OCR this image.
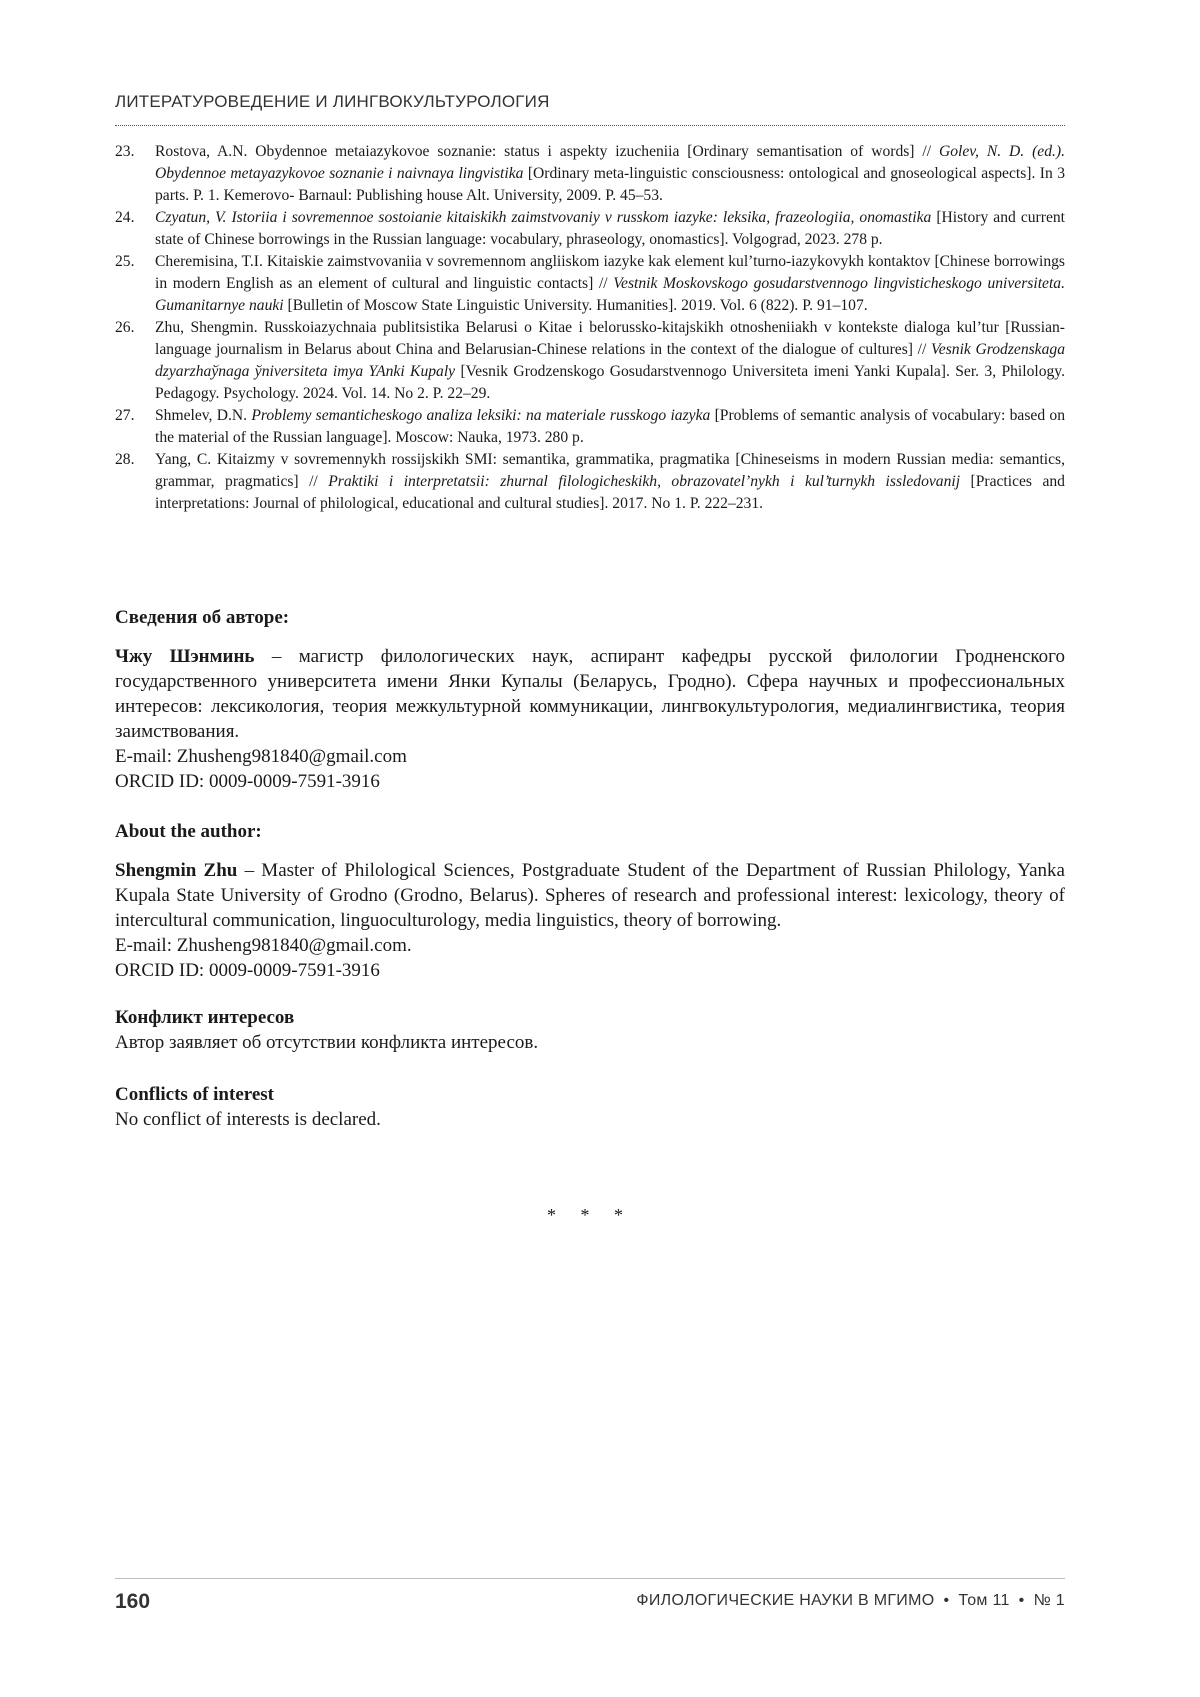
ЛИТЕРАТУРОВЕДЕНИЕ И ЛИНГВОКУЛЬТУРОЛОГИЯ
23.	Rostova, A.N. Obydennoe metaiazykovoe soznanie: status i aspekty izucheniia [Ordinary semantisation of words] // Golev, N. D. (ed.). Obydennoe metayazykovoe soznanie i naivnaya lingvistika [Ordinary meta-linguistic consciousness: ontological and gnoseological aspects]. In 3 parts. P. 1. Kemerovo- Barnaul: Publishing house Alt. University, 2009. P. 45–53.
24.	Czyatun, V. Istoriia i sovremennoe sostoianie kitaiskikh zaimstvovaniy v russkom iazyke: leksika, frazeologiia, onomastika [History and current state of Chinese borrowings in the Russian language: vocabulary, phraseology, onomastics]. Volgograd, 2023. 278 p.
25.	Cheremisina, T.I. Kitaiskie zaimstvovaniia v sovremennom angliiskom iazyke kak element kul’turno-iazykovykh kontaktov [Chinese borrowings in modern English as an element of cultural and linguistic contacts] // Vestnik Moskovskogo gosudarstvennogo lingvisticheskogo universiteta. Gumanitarnye nauki [Bulletin of Moscow State Linguistic University. Humanities]. 2019. Vol. 6 (822). P. 91–107.
26.	Zhu, Shengmin. Russkoiazychnaia publitsistika Belarusi o Kitae i belorussko-kitajskikh otnosheniiakh v kontekste dialoga kul’tur [Russian-language journalism in Belarus about China and Belarusian-Chinese relations in the context of the dialogue of cultures] // Vesnik Grodzenskaga dzyarzhaўnaga ўniversiteta imya YAnki Kupaly [Vesnik Grodzenskogo Gosudarstvennogo Universiteta imeni Yanki Kupala]. Ser. 3, Philology. Pedagogy. Psychology. 2024. Vol. 14. No 2. P. 22–29.
27.	Shmelev, D.N. Problemy semanticheskogo analiza leksiki: na materiale russkogo iazyka [Problems of semantic analysis of vocabulary: based on the material of the Russian language]. Moscow: Nauka, 1973. 280 p.
28.	Yang, C. Kitaizmy v sovremennykh rossijskikh SMI: semantika, grammatika, pragmatika [Chineseisms in modern Russian media: semantics, grammar, pragmatics] // Praktiki i interpretatsii: zhurnal filologicheskikh, obrazovatel’nykh i kul’turnykh issledovanij [Practices and interpretations: Journal of philological, educational and cultural studies]. 2017. No 1. P. 222–231.
Сведения об авторе:

Чжу Шэнминь – магистр филологических наук, аспирант кафедры русской филологии Гродненского государственного университета имени Янки Купалы (Беларусь, Гродно). Сфера научных и профессиональных интересов: лексикология, теория межкультурной коммуникации, лингвокультурология, медиалингвистика, теория заимствования.

E-mail: Zhusheng981840@gmail.com

ORCID ID: 0009-0009-7591-3916

About the author:

Shengmin Zhu – Master of Philological Sciences, Postgraduate Student of the Department of Russian Philology, Yanka Kupala State University of Grodno (Grodno, Belarus). Spheres of research and professional interest: lexicology, theory of intercultural communication, linguoculturology, media linguistics, theory of borrowing.

E-mail: Zhusheng981840@gmail.com.

ORCID ID: 0009-0009-7591-3916

Конфликт интересов

Автор заявляет об отсутствии конфликта интересов.

Conflicts of interest

No conflict of interests is declared.

* * *
160	ФИЛОЛОГИЧЕСКИЕ НАУКИ В МГИМО • Том 11 • № 1
